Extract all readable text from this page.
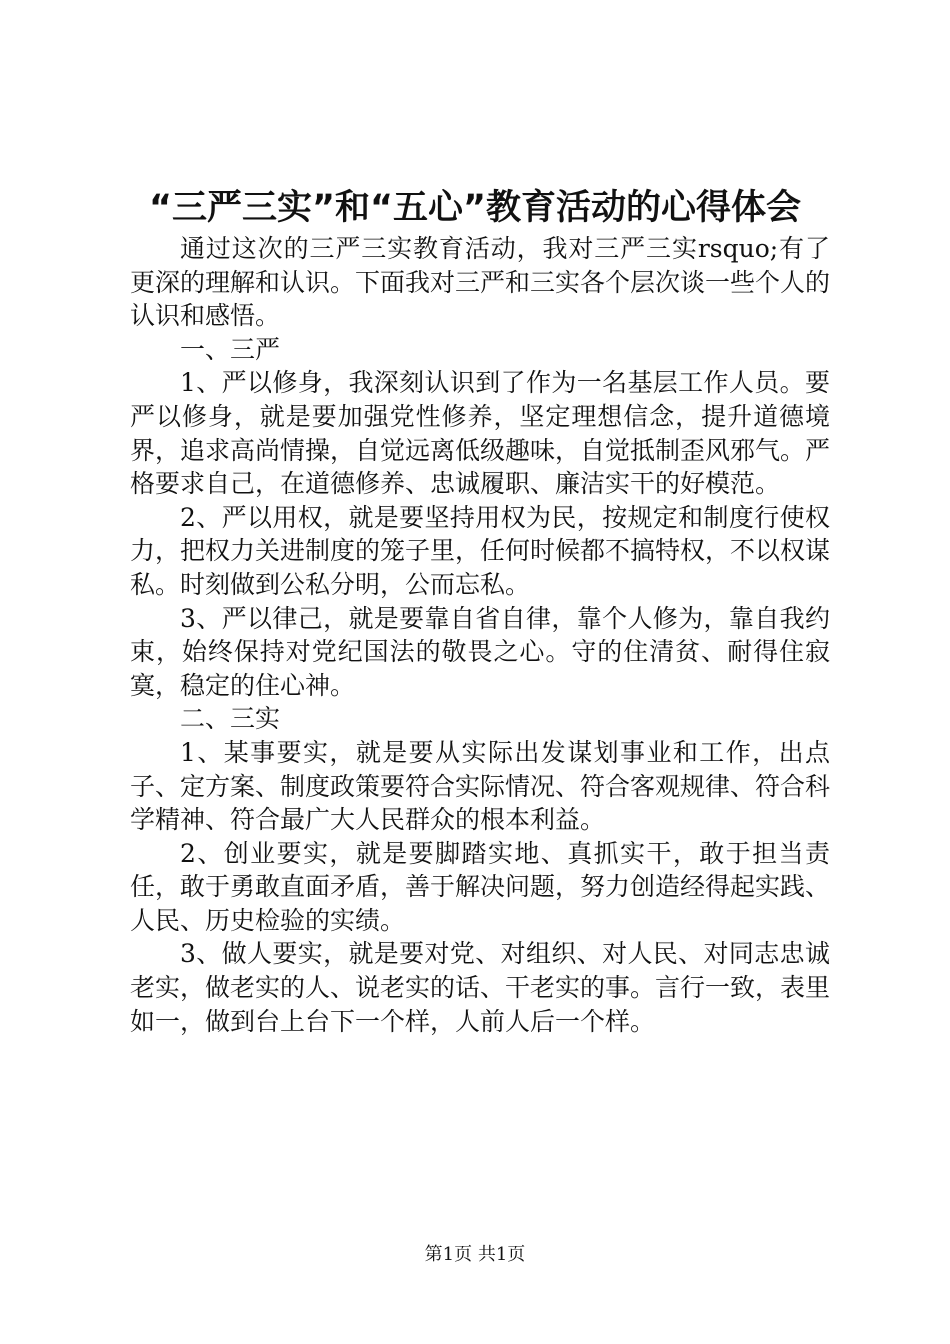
“三严三实”和“五心”教育活动的心得体会

通过这次的三严三实教育活动，我对三严三实rsquo;有了更深的理解和认识。下面我对三严和三实各个层次谈一些个人的认识和感悟。

一、三严

1、严以修身，我深刻认识到了作为一名基层工作人员。要严以修身，就是要加强党性修养，坚定理想信念，提升道德境界，追求高尚情操，自觉远离低级趣味，自觉抵制歪风邪气。严格要求自己，在道德修养、忠诚履职、廉洁实干的好模范。

2、严以用权，就是要坚持用权为民，按规定和制度行使权力，把权力关进制度的笼子里，任何时候都不搞特权，不以权谋私。时刻做到公私分明，公而忘私。

3、严以律己，就是要靠自省自律，靠个人修为，靠自我约束，始终保持对党纪国法的敬畏之心。守的住清贫、耐得住寂寞，稳定的住心神。

二、三实

1、某事要实，就是要从实际出发谋划事业和工作，出点子、定方案、制度政策要符合实际情况、符合客观规律、符合科学精神、符合最广大人民群众的根本利益。

2、创业要实，就是要脚踏实地、真抓实干，敢于担当责任，敢于勇敢直面矛盾，善于解决问题，努力创造经得起实践、人民、历史检验的实绩。

3、做人要实，就是要对党、对组织、对人民、对同志忠诚老实，做老实的人、说老实的话、干老实的事。言行一致，表里如一，做到台上台下一个样，人前人后一个样。

第1页 共1页
